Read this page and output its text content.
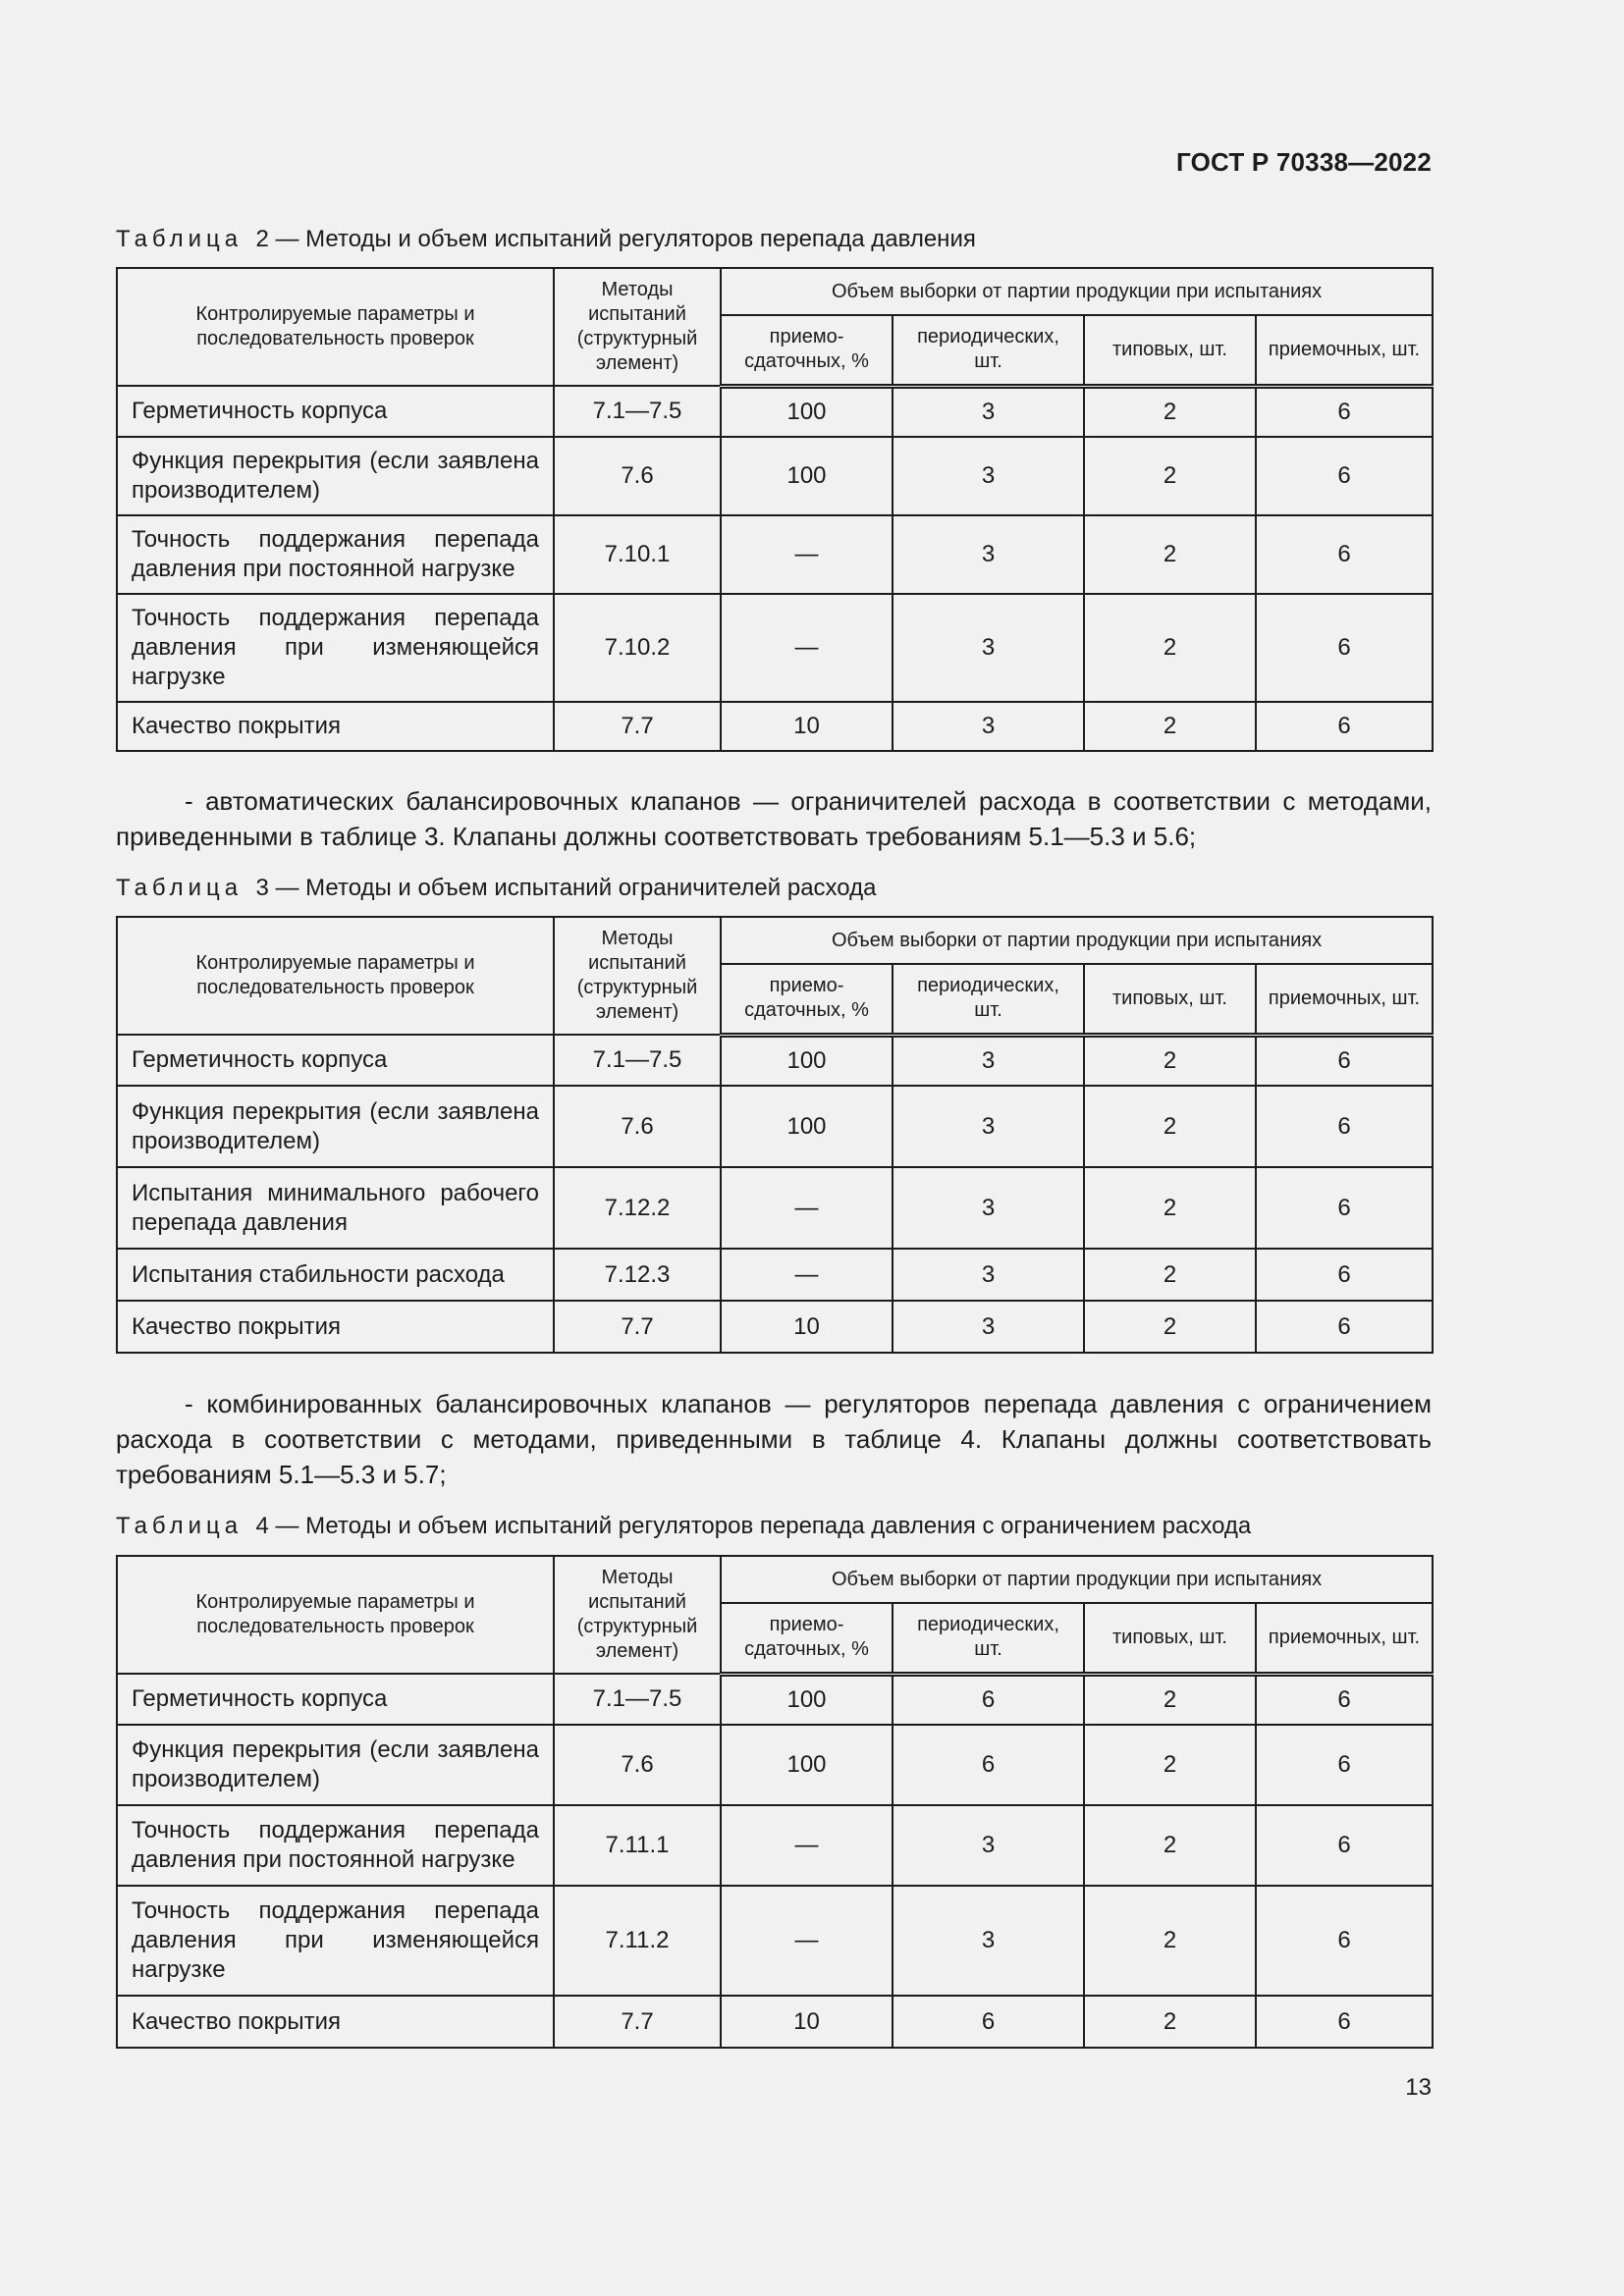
ГОСТ Р 70338—2022
Таблица 2 — Методы и объем испытаний регуляторов перепада давления
Контролируемые параметры и последовательность проверок	Методы испытаний (структурный элемент)	Объем выборки от партии продукции при испытаниях			
		приемо-сдаточных, %	периодических, шт.	типовых, шт.	приемочных, шт.
Герметичность корпуса	7.1—7.5	100	3	2	6
Функция перекрытия (если заявлена производителем)	7.6	100	3	2	6
Точность поддержания перепада давления при постоянной нагрузке	7.10.1	—	3	2	6
Точность поддержания перепада давления при изменяющейся нагрузке	7.10.2	—	3	2	6
Качество покрытия	7.7	10	3	2	6
- автоматических балансировочных клапанов — ограничителей расхода в соответствии с методами, приведенными в таблице 3. Клапаны должны соответствовать требованиям 5.1—5.3 и 5.6;
Таблица 3 — Методы и объем испытаний ограничителей расхода
Контролируемые параметры и последовательность проверок	Методы испытаний (структурный элемент)	Объем выборки от партии продукции при испытаниях			
		приемо-сдаточных, %	периодических, шт.	типовых, шт.	приемочных, шт.
Герметичность корпуса	7.1—7.5	100	3	2	6
Функция перекрытия (если заявлена производителем)	7.6	100	3	2	6
Испытания минимального рабочего перепада давления	7.12.2	—	3	2	6
Испытания стабильности расхода	7.12.3	—	3	2	6
Качество покрытия	7.7	10	3	2	6
- комбинированных балансировочных клапанов — регуляторов перепада давления с ограничением расхода в соответствии с методами, приведенными в таблице 4. Клапаны должны соответствовать требованиям 5.1—5.3 и 5.7;
Таблица 4 — Методы и объем испытаний регуляторов перепада давления с ограничением расхода
Контролируемые параметры и последовательность проверок	Методы испытаний (структурный элемент)	Объем выборки от партии продукции при испытаниях			
		приемо-сдаточных, %	периодических, шт.	типовых, шт.	приемочных, шт.
Герметичность корпуса	7.1—7.5	100	6	2	6
Функция перекрытия (если заявлена производителем)	7.6	100	6	2	6
Точность поддержания перепада давления при постоянной нагрузке	7.11.1	—	3	2	6
Точность поддержания перепада давления при изменяющейся нагрузке	7.11.2	—	3	2	6
Качество покрытия	7.7	10	6	2	6
13
